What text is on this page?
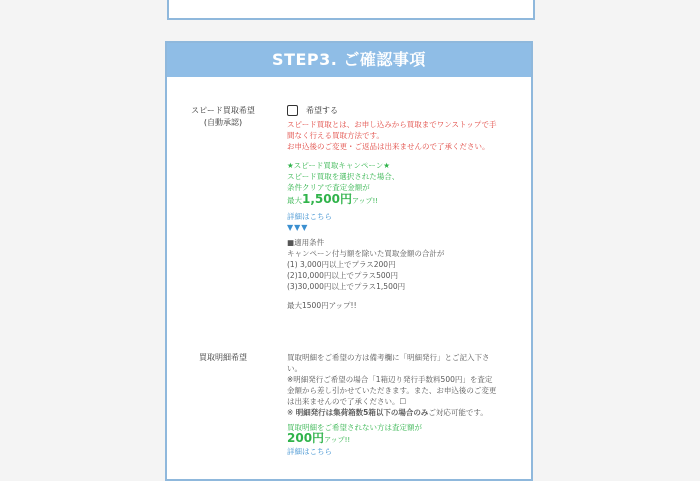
STEP3. ご確認事項
スピード買取希望
(自動承認)
希望する

スピード買取とは、お申し込みから買取までワンストップで手

間なく行える買取方法です。

お申込後のご変更・ご返品は出来ませんので了承ください。

★スピード買取キャンペーン★

スピード買取を選択された場合、

条件クリアで査定金額が

最大1,500円アップ!!

詳細はこちら

▼▼▼

■適用条件

キャンペーン付与額を除いた買取金額の合計が

(1) 3,000円以上でプラス200円

(2)10,000円以上でプラス500円

(3)30,000円以上でプラス1,500円

最大1500円アップ!!

買取明細希望	買取明細をご希望の方は備考欄に「明細発行」とご記入下さ

い。

※明細発行ご希望の場合「1箱辺り発行手数料500円」を査定

金額から差し引かせていただきます。また、お申込後のご変更

は出来ませんので了承ください。☐

※ 明細発行は集荷箱数5箱以下の場合のみご対応可能です。

買取明細をご希望されない方は査定額が

200円アップ!!

詳細はこちら
